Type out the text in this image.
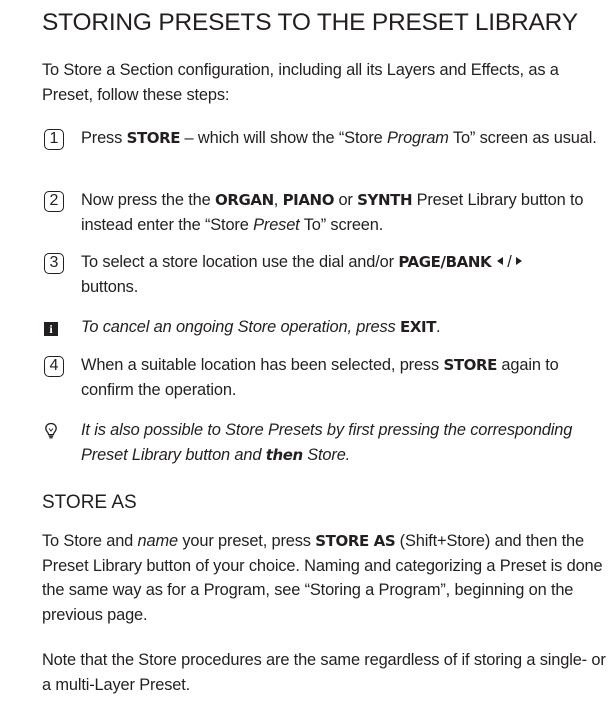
STORING PRESETS TO THE PRESET LIBRARY

To Store a Section configuration, including all its Layers and Effects, as a Preset, follow these steps:

1	Press STORE – which will show the “Store Program To” screen as usual.
2	Now press the the ORGAN, PIANO or SYNTH Preset Library button to instead enter the “Store Preset To” screen.
3	To select a store location use the dial and/or PAGE/BANK /
buttons.
i	To cancel an ongoing Store operation, press EXIT.
4	When a suitable location has been selected, press STORE again to confirm the operation.
It is also possible to Store Presets by first pressing the corresponding Preset Library button and then Store.
STORE AS

To Store and name your preset, press STORE AS (Shift+Store) and then the Preset Library button of your choice. Naming and categorizing a Preset is done the same way as for a Program, see “Storing a Program”, beginning on the previous page.

Note that the Store procedures are the same regardless of if storing a single- or a multi-Layer Preset.
